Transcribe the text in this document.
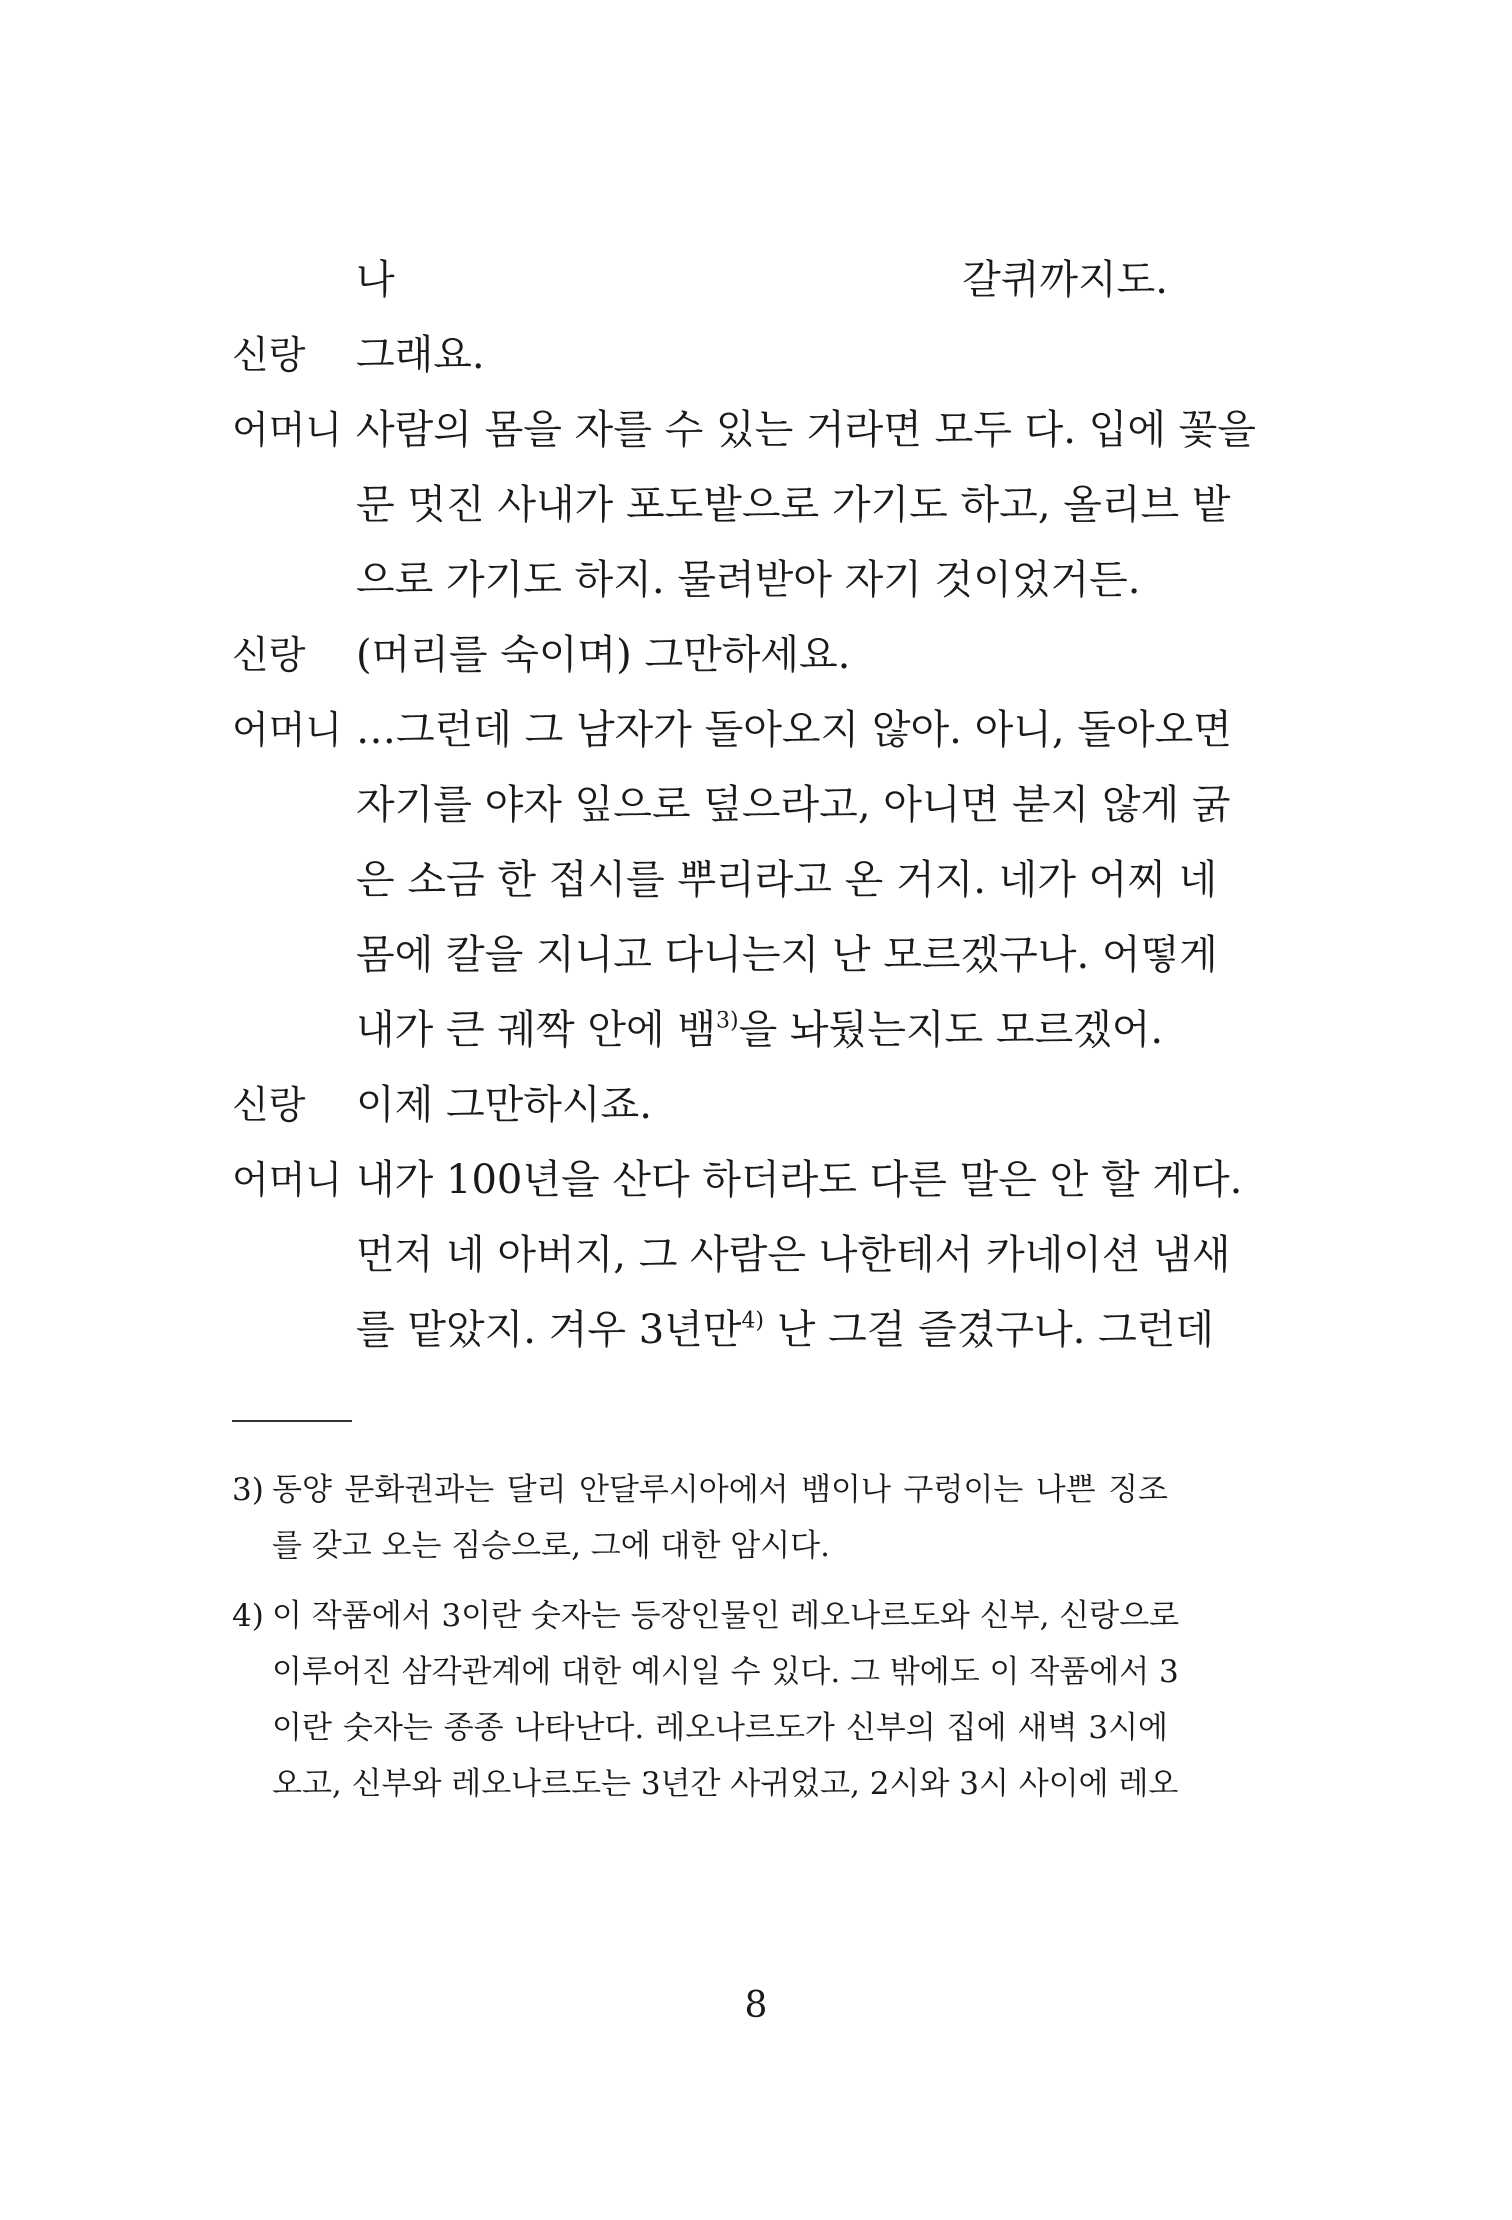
나 갈퀴까지도.
신랑 그래요.
어머니 사람의 몸을 자를 수 있는 거라면 모두 다. 입에 꽃을
문 멋진 사내가 포도밭으로 가기도 하고, 올리브 밭
으로 가기도 하지. 물려받아 자기 것이었거든.
신랑 (머리를 숙이며) 그만하세요.
어머니 …그런데 그 남자가 돌아오지 않아. 아니, 돌아오면
자기를 야자 잎으로 덮으라고, 아니면 붇지 않게 굵
은 소금 한 접시를 뿌리라고 온 거지. 네가 어찌 네
몸에 칼을 지니고 다니는지 난 모르겠구나. 어떻게
내가 큰 궤짝 안에 뱀$^{3)}$을 놔뒀는지도 모르겠어.
신랑 이제 그만하시죠.
어머니 내가 100년을 산다 하더라도 다른 말은 안 할 게다.
먼저 네 아버지, 그 사람은 나한테서 카네이션 냄새
를 맡았지. 겨우 3년만$^{4)}$ 난 그걸 즐겼구나. 그런데
3) 동양 문화권과는 달리 안달루시아에서 뱀이나 구렁이는 나쁜 징조
를 갖고 오는 짐승으로, 그에 대한 암시다.
4) 이 작품에서 3이란 숫자는 등장인물인 레오나르도와 신부, 신랑으로
이루어진 삼각관계에 대한 예시일 수 있다. 그 밖에도 이 작품에서 3
이란 숫자는 종종 나타난다. 레오나르도가 신부의 집에 새벽 3시에
오고, 신부와 레오나르도는 3년간 사귀었고, 2시와 3시 사이에 레오
8
